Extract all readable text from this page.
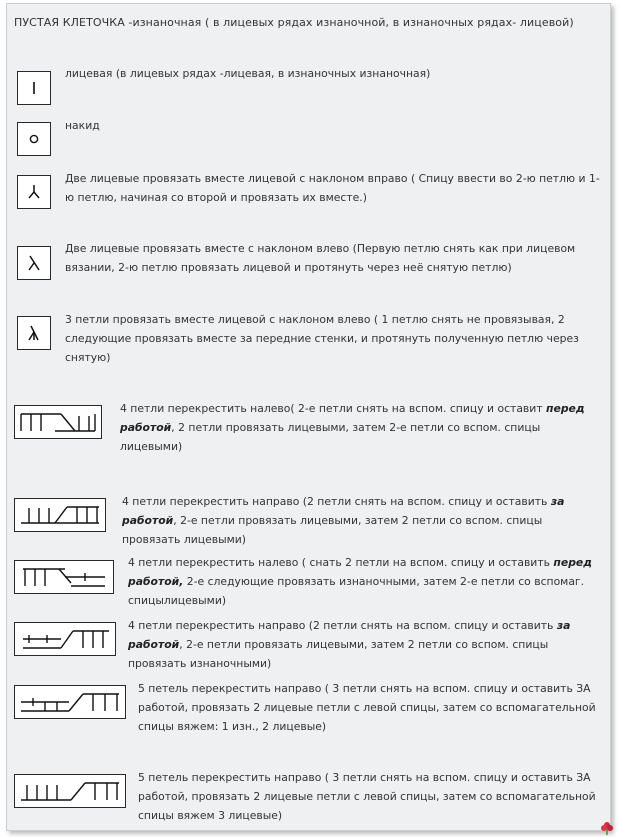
ПУСТАЯ КЛЕТОЧКА -изнаночная ( в лицевых рядах изнаночной, в изнаночных рядах- лицевой)
лицевая (в лицевых рядах -лицевая, в изнаночных изнаночная)
накид
Две лицевые провязать вместе лицевой с наклоном вправо ( Спицу ввести во 2-ю петлю и 1-ю петлю, начиная со второй и провязать их вместе.)
Две лицевые провязать вместе с наклоном влево (Первую петлю снять как при лицевом вязании, 2-ю петлю провязать лицевой и протянуть через неё снятую петлю)
3 петли провязать вместе лицевой с наклоном влево ( 1 петлю снять не провязывая, 2 следующие провязать вместе за передние стенки, и протянуть полученную петлю через снятую)
4 петли перекрестить налево( 2-е петли снять на вспом. спицу и оставит перед работой, 2 петли провязать лицевыми, затем 2-е петли со вспом. спицы лицевыми)
4 петли перекрестить направо (2 петли снять на вспом. спицу и оставить за работой, 2-е петли провязать лицевыми, затем 2 петли со вспом. спицы провязать лицевыми)
4 петли перекрестить налево ( снать 2 петли на вспом. спицу и оставить перед работой, 2-е следующие провязать изнаночными, затем 2-е петли со вспомаг. спицылицевыми)
4 петли перекрестить направо (2 петли снять на вспом. спицу и оставить за работой, 2-е петли провязать лицевыми, затем 2 петли со вспом. спицы провязать изнаночными)
5 петель перекрестить направо ( 3 петли снять на вспом. спицу и оставить ЗА работой, провязать 2 лицевые петли с левой спицы, затем со вспомагательной спицы вяжем: 1 изн., 2 лицевые)
5 петель перекрестить направо ( 3 петли снять на вспом. спицу и оставить ЗА работой, провязать 2 лицевые петли с левой спицы, затем со вспомагательной спицы вяжем 3 лицевые)
